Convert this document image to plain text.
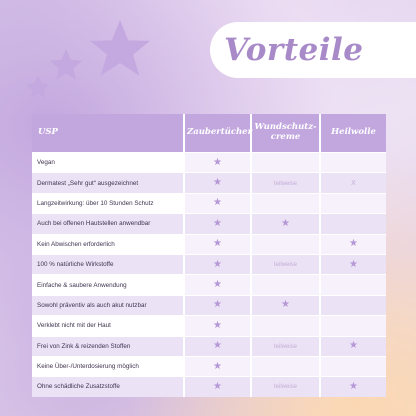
Vorteile
USP	Zaubertücher	Wundschutz-creme	Heilwolle
Vegan	★		
Dermatest „Sehr gut“ ausgezeichnet	★	teilweise	X
Langzeitwirkung: über 10 Stunden Schutz	★		
Auch bei offenen Hautstellen anwendbar	★	★	
Kein Abwischen erforderlich	★		★
100 % natürliche Wirkstoffe	★	teilweise	★
Einfache & saubere Anwendung	★		
Sowohl präventiv als auch akut nutzbar	★	★	
Verklebt nicht mit der Haut	★		
Frei von Zink & reizenden Stoffen	★	teilweise	★
Keine Über-/Unterdosierung möglich	★		
Ohne schädliche Zusatzstoffe	★	teilweise	★
